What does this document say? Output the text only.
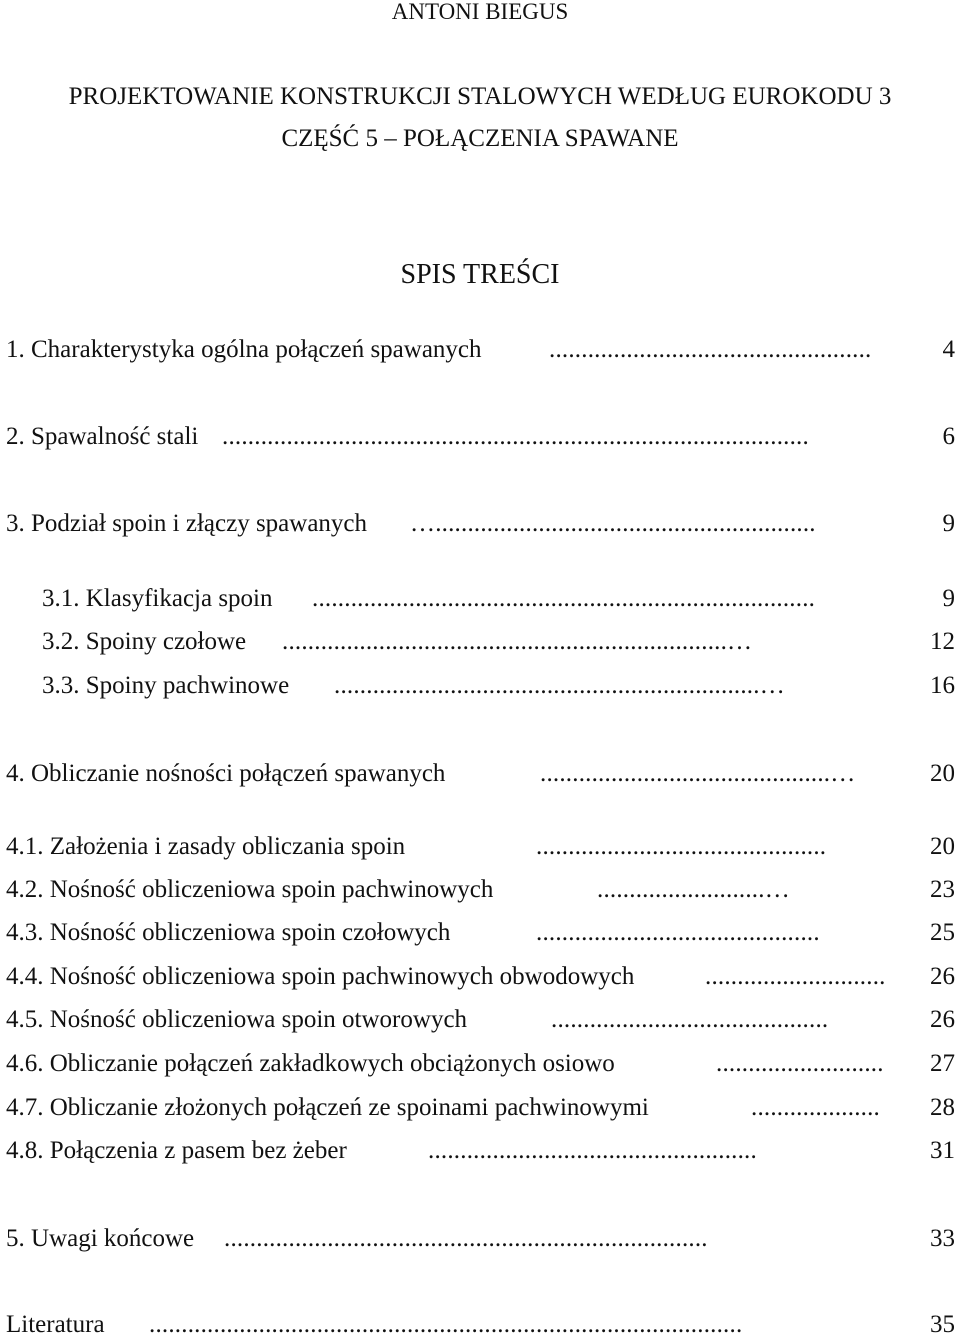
ANTONI BIEGUS
PROJEKTOWANIE KONSTRUKCJI STALOWYCH WEDŁUG EUROKODU 3
CZĘŚĆ 5 – POŁĄCZENIA SPAWANE
SPIS TREŚCI
1. Charakterystyka ogólna połączeń spawanych	..................................................	4
2. Spawalność stali ...........................................................................................	6
3. Podział spoin i złączy spawanych …...........................................................	9
3.1. Klasyfikacja spoin ..............................................................................	9
3.2. Spoiny czołowe .....................................................................…	12
3.3. Spoiny pachwinowe ..................................................................…	16
4. Obliczanie nośności połączeń spawanych	.............................................…	20
4.1. Założenia i zasady obliczania spoin	.............................................	20
4.2. Nośność obliczeniowa spoin pachwinowych	..........................…	23
4.3. Nośność obliczeniowa spoin czołowych	............................................	25
4.4. Nośność obliczeniowa spoin pachwinowych obwodowych	............................ 26
4.5. Nośność obliczeniowa spoin otworowych	...........................................	26
4.6. Obliczanie połączeń zakładkowych obciążonych osiowo	.......................... 27
4.7. Obliczanie złożonych połączeń ze spoinami pachwinowymi	.................... 28
4.8. Połączenia z pasem bez żeber	...................................................	31
5. Uwagi końcowe ...........................................................................	33
Literatura ............................................................................................	35
